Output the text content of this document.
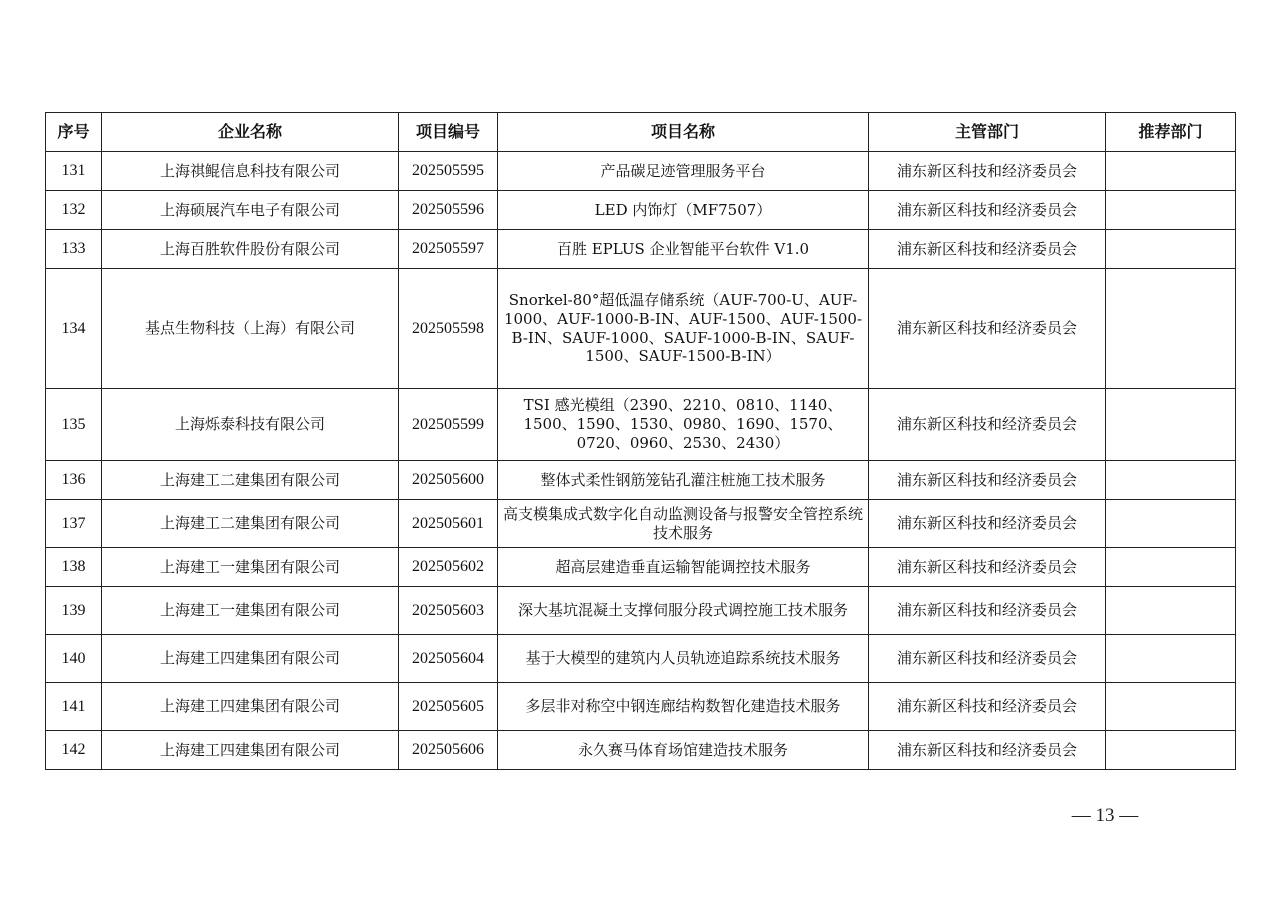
序号	企业名称	项目编号	项目名称	主管部门	推荐部门
131	上海祺鲲信息科技有限公司	202505595	产品碳足迹管理服务平台	浦东新区科技和经济委员会	
132	上海硕展汽车电子有限公司	202505596	LED 内饰灯（MF7507）	浦东新区科技和经济委员会	
133	上海百胜软件股份有限公司	202505597	百胜 EPLUS 企业智能平台软件 V1.0	浦东新区科技和经济委员会	
134	基点生物科技（上海）有限公司	202505598	Snorkel-80°超低温存储系统（AUF-700-U、AUF-1000、AUF-1000-B-IN、AUF-1500、AUF-1500-B-IN、SAUF-1000、SAUF-1000-B-IN、SAUF-1500、SAUF-1500-B-IN）	浦东新区科技和经济委员会	
135	上海烁泰科技有限公司	202505599	TSI 感光模组（2390、2210、0810、1140、1500、1590、1530、0980、1690、1570、0720、0960、2530、2430）	浦东新区科技和经济委员会	
136	上海建工二建集团有限公司	202505600	整体式柔性钢筋笼钻孔灌注桩施工技术服务	浦东新区科技和经济委员会	
137	上海建工二建集团有限公司	202505601	高支模集成式数字化自动监测设备与报警安全管控系统技术服务	浦东新区科技和经济委员会	
138	上海建工一建集团有限公司	202505602	超高层建造垂直运输智能调控技术服务	浦东新区科技和经济委员会	
139	上海建工一建集团有限公司	202505603	深大基坑混凝土支撑伺服分段式调控施工技术服务	浦东新区科技和经济委员会	
140	上海建工四建集团有限公司	202505604	基于大模型的建筑内人员轨迹追踪系统技术服务	浦东新区科技和经济委员会	
141	上海建工四建集团有限公司	202505605	多层非对称空中钢连廊结构数智化建造技术服务	浦东新区科技和经济委员会	
142	上海建工四建集团有限公司	202505606	永久赛马体育场馆建造技术服务	浦东新区科技和经济委员会	
— 13 —
